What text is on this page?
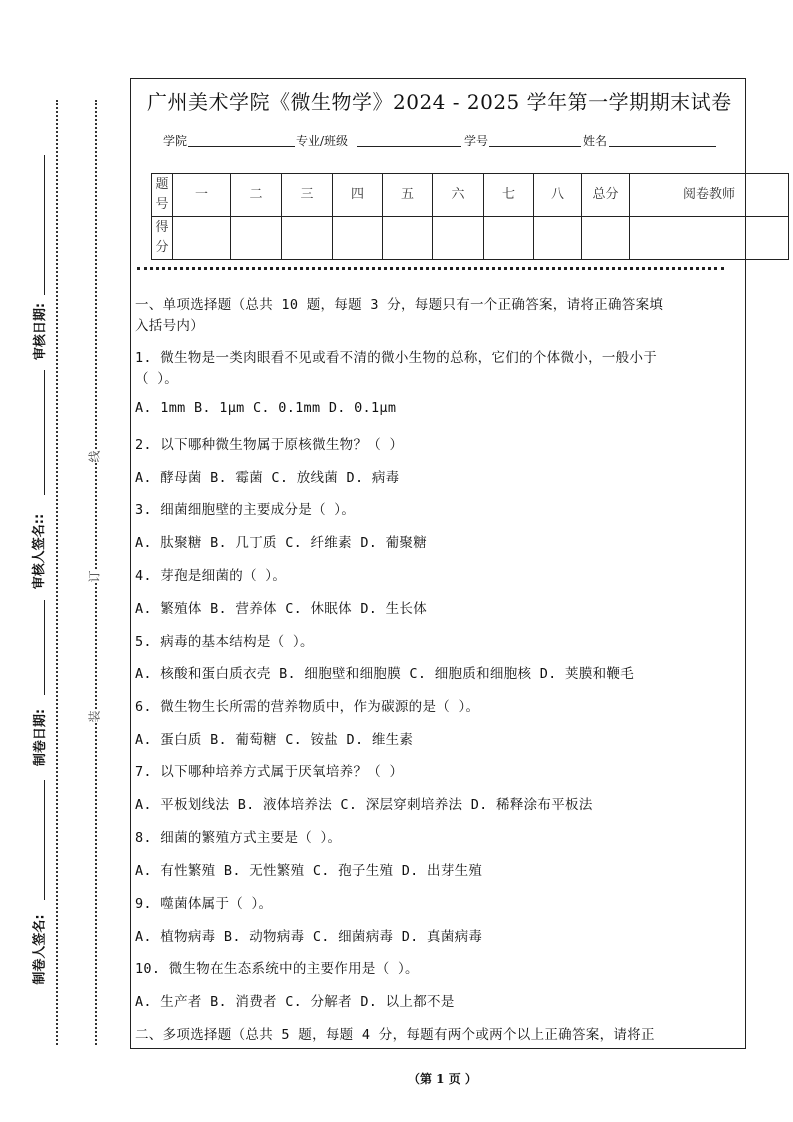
审核日期:
审核人签名::
制卷日期:
制卷人签名:
线
订
装
广州美术学院《微生物学》2024 - 2025 学年第一学期期末试卷
学院	专业/班级	学号	姓名
题号	一	二	三	四	五	六	七	八	总分	阅卷教师
得分										
一、单项选择题（总共 10 题，每题 3 分，每题只有一个正确答案，请将正确答案填
入括号内）
1. 微生物是一类肉眼看不见或看不清的微小生物的总称，它们的个体微小，一般小于
（ ）。
A. 1mm B. 1μm C. 0.1mm D. 0.1μm
2. 以下哪种微生物属于原核微生物？（ ）
A. 酵母菌 B. 霉菌 C. 放线菌 D. 病毒
3. 细菌细胞壁的主要成分是（ ）。
A. 肽聚糖 B. 几丁质 C. 纤维素 D. 葡聚糖
4. 芽孢是细菌的（ ）。
A. 繁殖体 B. 营养体 C. 休眠体 D. 生长体
5. 病毒的基本结构是（ ）。
A. 核酸和蛋白质衣壳 B. 细胞壁和细胞膜 C. 细胞质和细胞核 D. 荚膜和鞭毛
6. 微生物生长所需的营养物质中，作为碳源的是（ ）。
A. 蛋白质 B. 葡萄糖 C. 铵盐 D. 维生素
7. 以下哪种培养方式属于厌氧培养？（ ）
A. 平板划线法 B. 液体培养法 C. 深层穿刺培养法 D. 稀释涂布平板法
8. 细菌的繁殖方式主要是（ ）。
A. 有性繁殖 B. 无性繁殖 C. 孢子生殖 D. 出芽生殖
9. 噬菌体属于（ ）。
A. 植物病毒 B. 动物病毒 C. 细菌病毒 D. 真菌病毒
10. 微生物在生态系统中的主要作用是（ ）。
A. 生产者 B. 消费者 C. 分解者 D. 以上都不是
二、多项选择题（总共 5 题，每题 4 分，每题有两个或两个以上正确答案，请将正
（第 1 页 ）
